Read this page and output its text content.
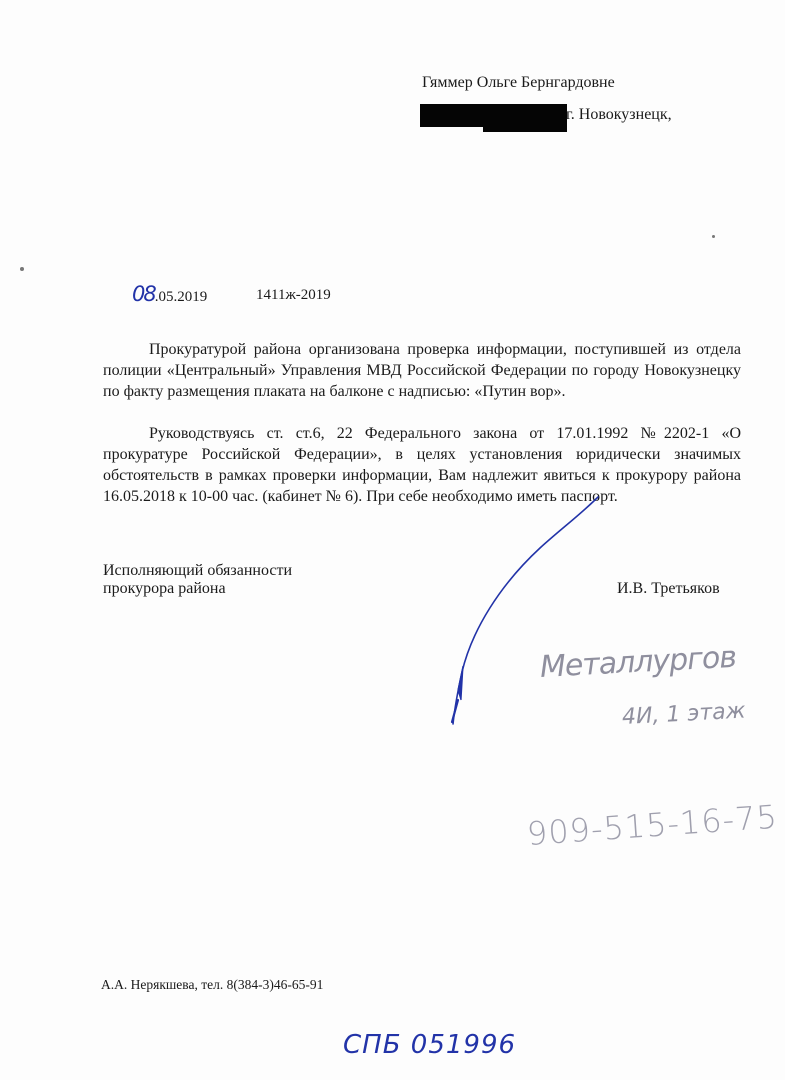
Гяммер Ольге Бернгардовне
г. Новокузнецк,
08.05.2019	1411ж-2019
Прокуратурой района организована проверка информации, поступившей из отдела полиции «Центральный» Управления МВД Российской Федерации по городу Новокузнецку по факту размещения плаката на балконе с надписью: «Путин вор».
Руководствуясь ст. ст.6, 22 Федерального закона от 17.01.1992 №2202-1 «О прокуратуре Российской Федерации», в целях установления юридически значимых обстоятельств в рамках проверки информации, Вам надлежит явиться к прокурору района 16.05.2018 к 10-00 час. (кабинет № 6). При себе необходимо иметь паспорт.
Исполняющий обязанности
прокурора района	И.В. Третьяков
А.А. Нерякшева, тел. 8(384-3)46-65-91
Металлургов
4И, 1 этаж
909-515-16-75
СПБ 051996
